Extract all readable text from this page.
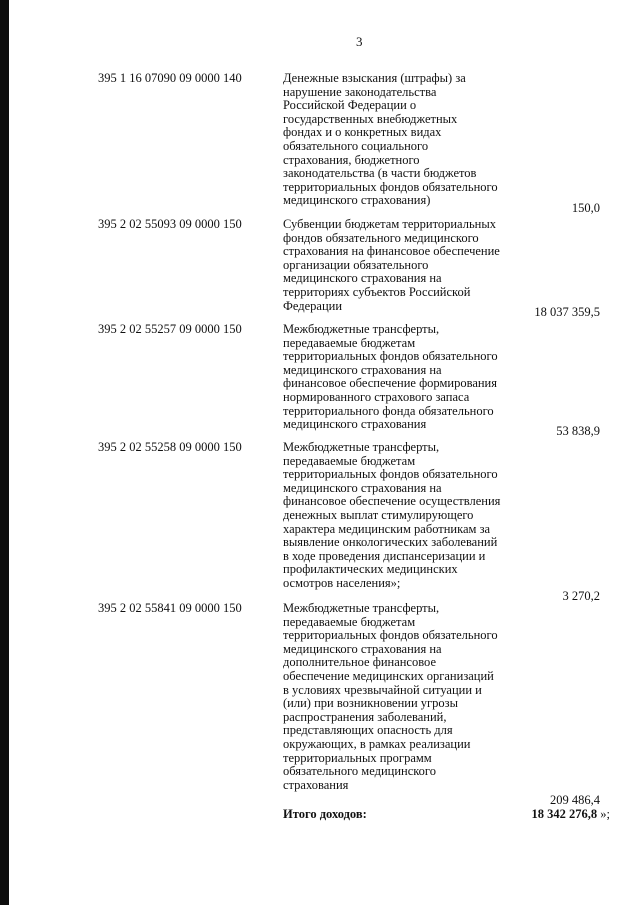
3
395 1 16 07090 09 0000 140	Денежные взыскания (штрафы) за
нарушение законодательства
Российской Федерации о
государственных внебюджетных
фондах и о конкретных видах
обязательного социального
страхования, бюджетного
законодательства (в части бюджетов
территориальных фондов обязательного
медицинского страхования)
150,0
395 2 02 55093 09 0000 150	Субвенции бюджетам территориальных
фондов обязательного медицинского
страхования на финансовое обеспечение
организации обязательного
медицинского страхования на
территориях субъектов Российской
Федерации	18 037 359,5
395 2 02 55257 09 0000 150	Межбюджетные трансферты,
передаваемые бюджетам
территориальных фондов обязательного
медицинского страхования на
финансовое обеспечение формирования
нормированного страхового запаса
территориального фонда обязательного
медицинского страхования	53 838,9
395 2 02 55258 09 0000 150	Межбюджетные трансферты,
передаваемые бюджетам
территориальных фондов обязательного
медицинского страхования на
финансовое обеспечение осуществления
денежных выплат стимулирующего
характера медицинским работникам за
выявление онкологических заболеваний
в ходе проведения диспансеризации и
профилактических медицинских
осмотров населения»;
3 270,2
395 2 02 55841 09 0000 150	Межбюджетные трансферты,
передаваемые бюджетам
территориальных фондов обязательного
медицинского страхования на
дополнительное финансовое
обеспечение медицинских организаций
в условиях чрезвычайной ситуации и
(или) при возникновении угрозы
распространения заболеваний,
представляющих опасность для
окружающих, в рамках реализации
территориальных программ
обязательного медицинского
страхования
209 486,4
Итого доходов:	18 342 276,8 »;
